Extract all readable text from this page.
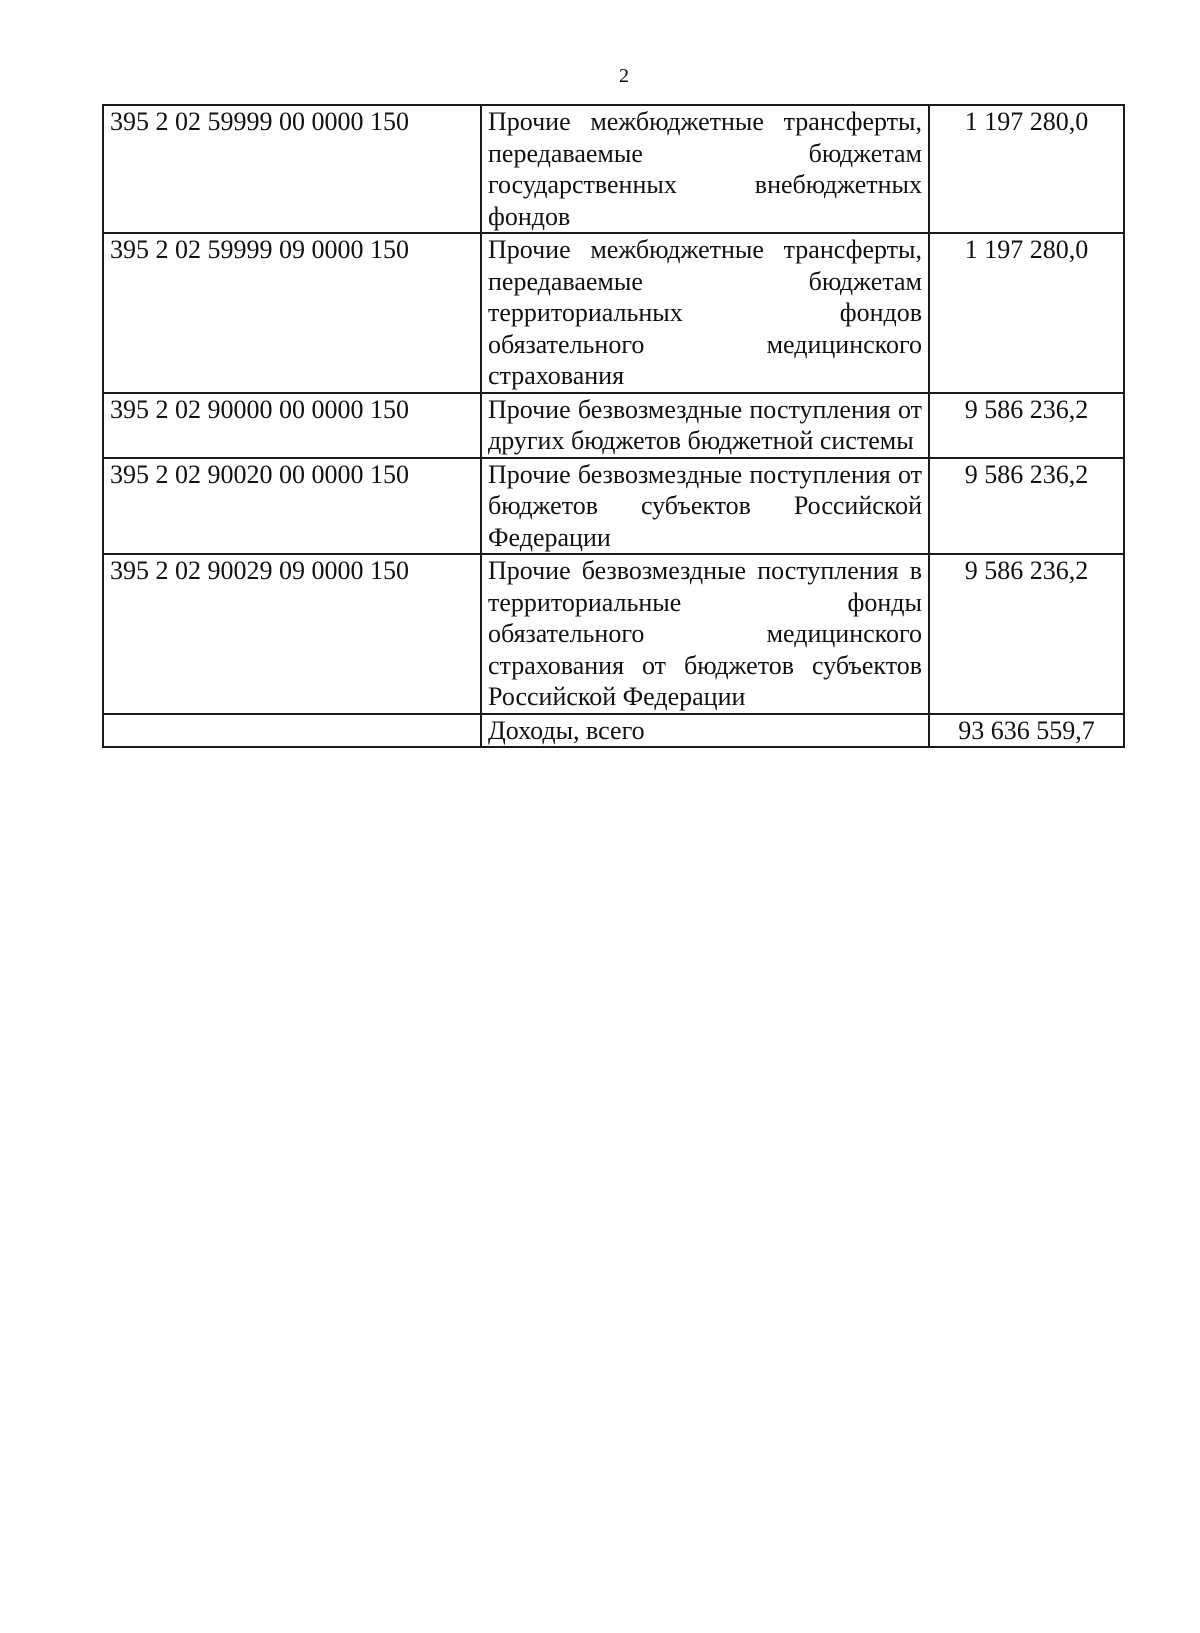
2
395 2 02 59999 00 0000 150	Прочие межбюджетные трансферты, передаваемые бюджетам государственных внебюджетных фондов	1 197 280,0
395 2 02 59999 09 0000 150	Прочие межбюджетные трансферты, передаваемые бюджетам территориальных фондов обязательного медицинского страхования	1 197 280,0
395 2 02 90000 00 0000 150	Прочие безвозмездные поступления от других бюджетов бюджетной системы	9 586 236,2
395 2 02 90020 00 0000 150	Прочие безвозмездные поступления от бюджетов субъектов Российской Федерации	9 586 236,2
395 2 02 90029 09 0000 150	Прочие безвозмездные поступления в территориальные фонды обязательного медицинского страхования от бюджетов субъектов Российской Федерации	9 586 236,2
	Доходы, всего	93 636 559,7
